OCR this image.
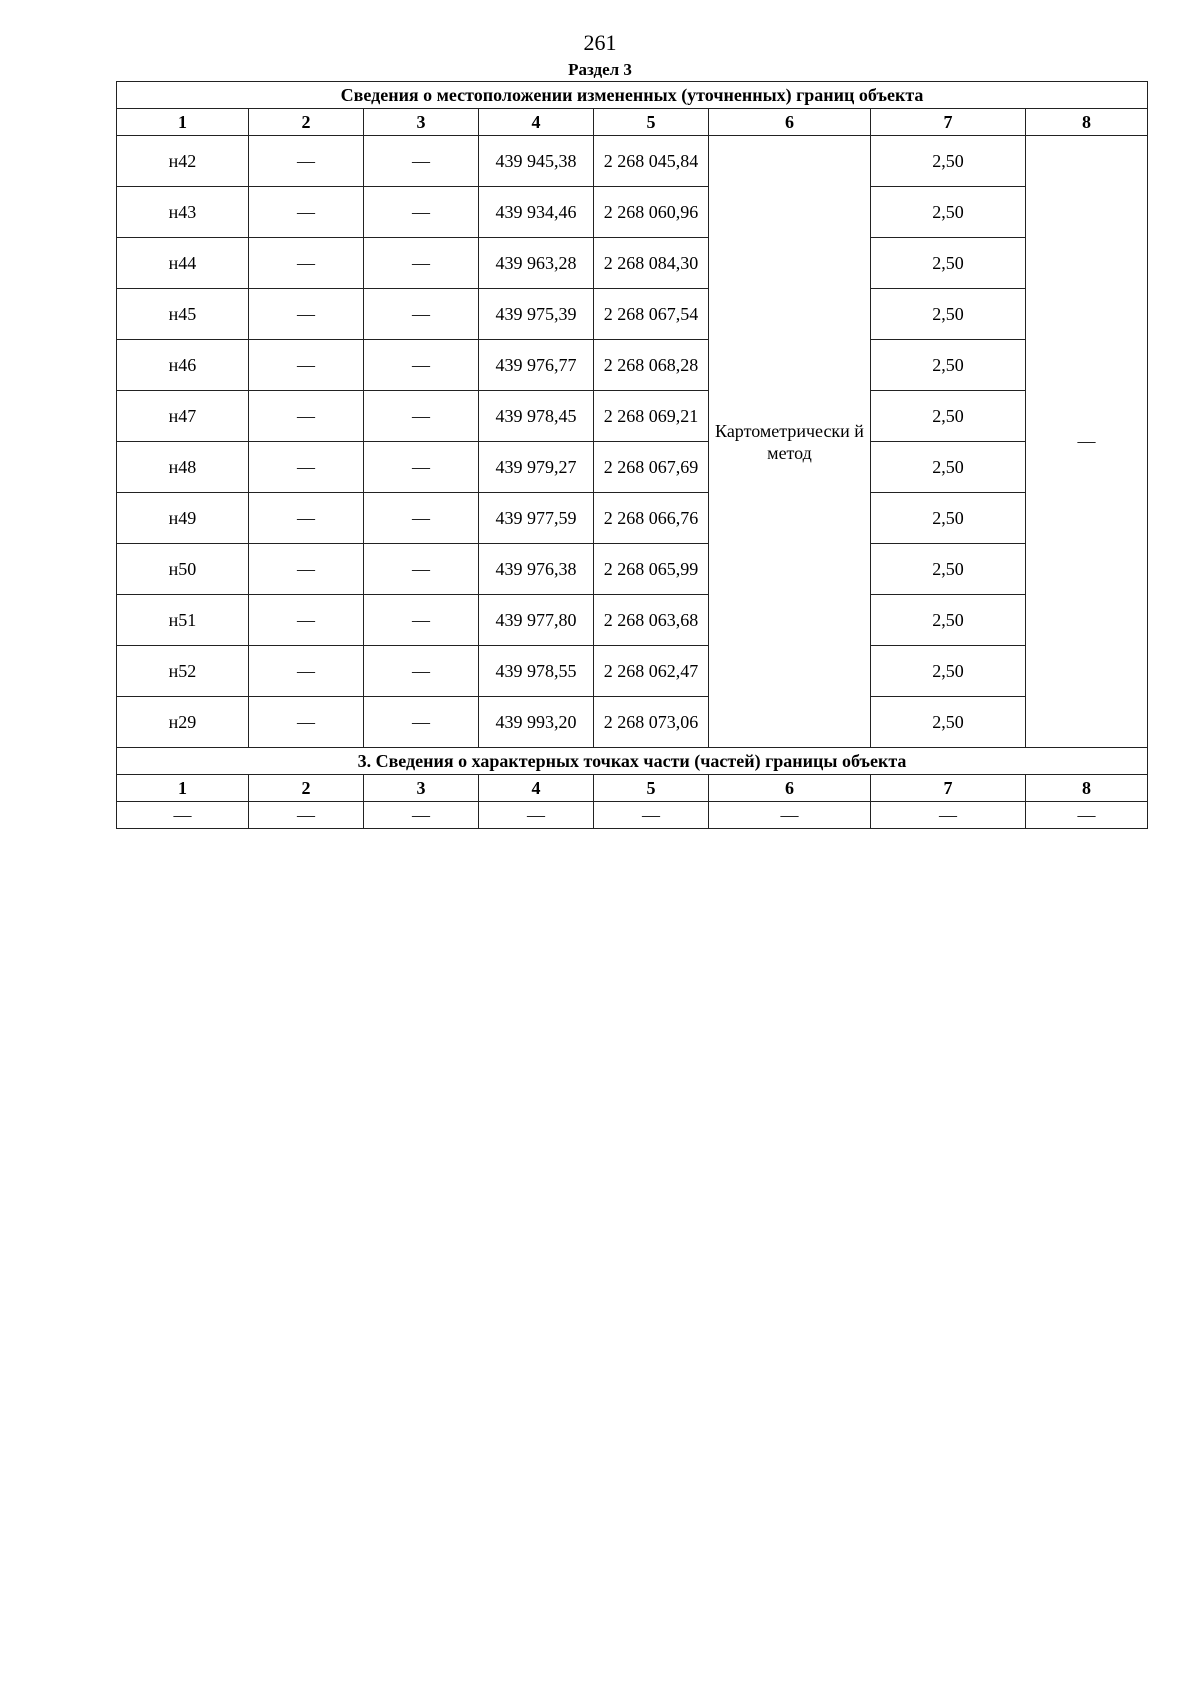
261
Раздел 3
Сведения о местоположении измененных (уточненных) границ объекта							
1	2	3	4	5	6	7	8
н42	—	—	439 945,38	2 268 045,84	Картометрически й метод	2,50	—
н43	—	—	439 934,46	2 268 060,96		2,50	
н44	—	—	439 963,28	2 268 084,30		2,50	
н45	—	—	439 975,39	2 268 067,54		2,50	
н46	—	—	439 976,77	2 268 068,28		2,50	
н47	—	—	439 978,45	2 268 069,21		2,50	
н48	—	—	439 979,27	2 268 067,69		2,50	
н49	—	—	439 977,59	2 268 066,76		2,50	
н50	—	—	439 976,38	2 268 065,99		2,50	
н51	—	—	439 977,80	2 268 063,68		2,50	
н52	—	—	439 978,55	2 268 062,47		2,50	
н29	—	—	439 993,20	2 268 073,06		2,50	
3. Сведения о характерных точках части (частей) границы объекта							
1	2	3	4	5	6	7	8
—	—	—	—	—	—	—	—
